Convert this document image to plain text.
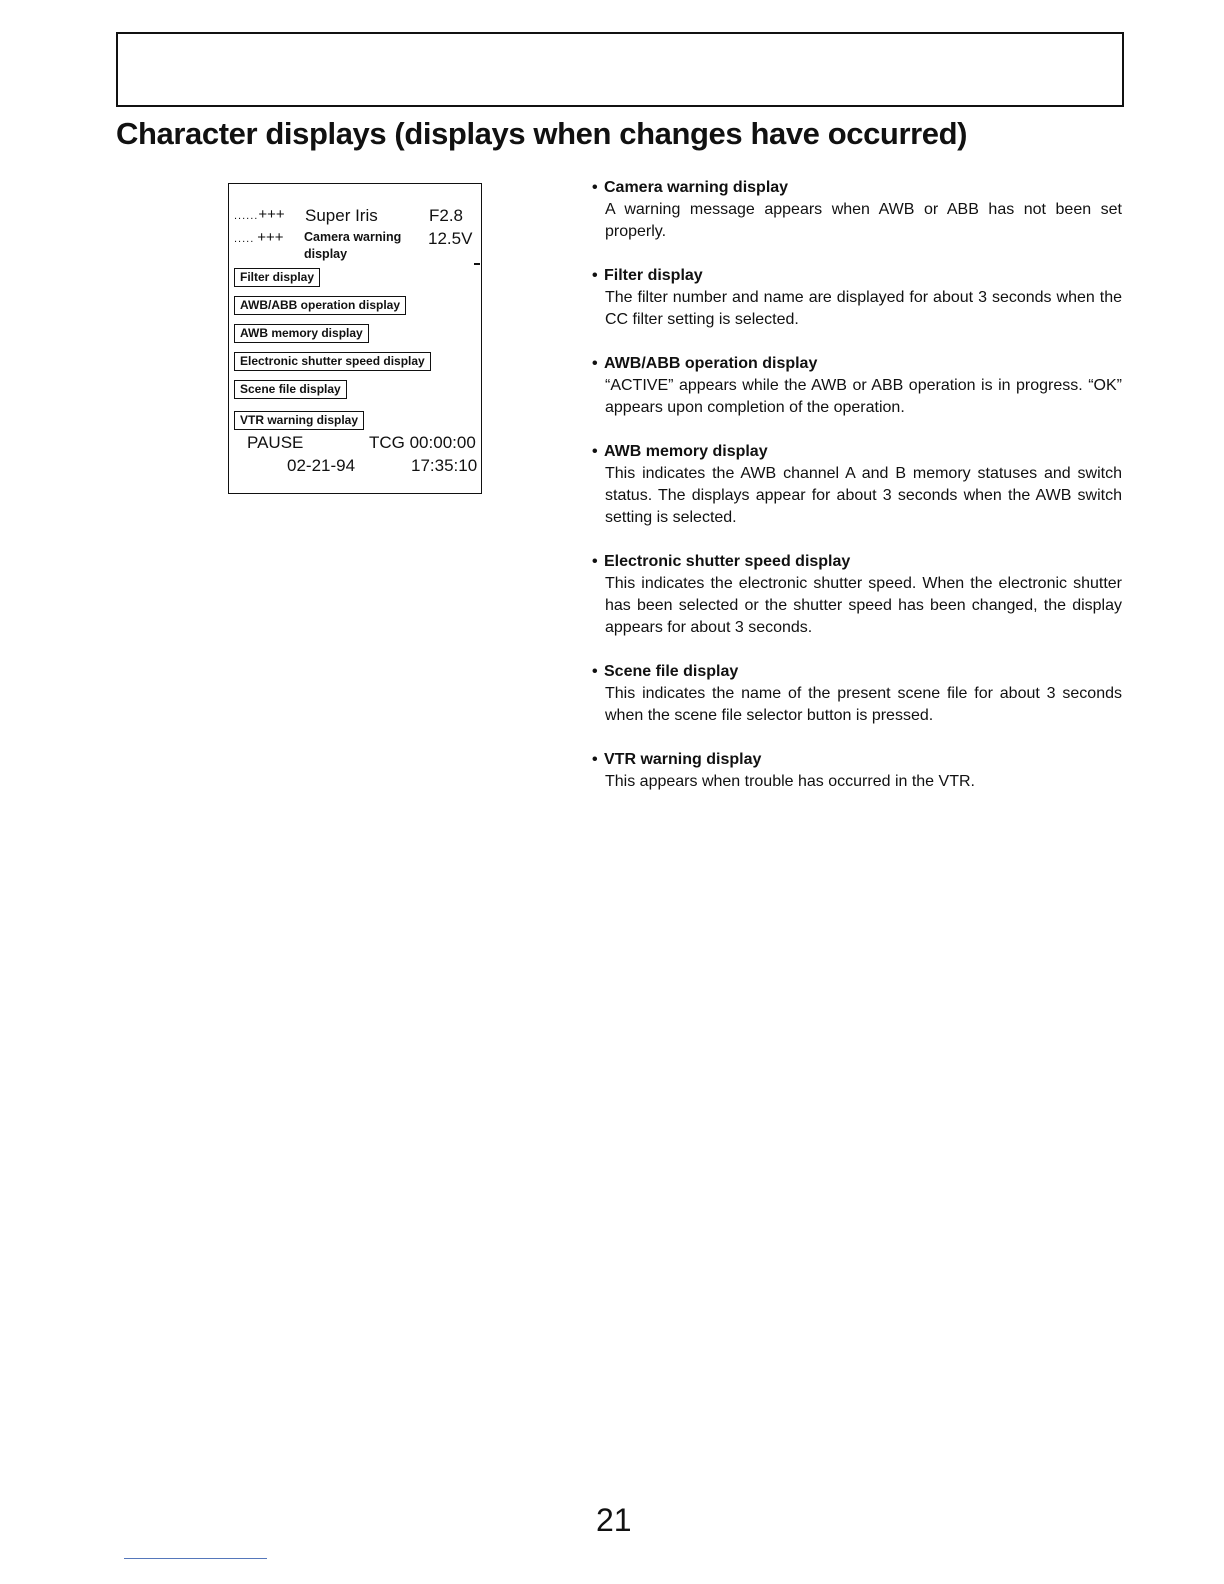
Character displays (displays when changes have occurred)
......+++ Super Iris	F2.8
..... +++ Camera warning
display
12.5V
Filter display
AWB/ABB operation display
AWB memory display
Electronic shutter speed display
Scene file display
VTR warning display
PAUSE	TCG 00:00:00
02-21-94	17:35:10

• Camera warning display

A warning message appears when AWB or ABB has not been set properly.

• Filter display

The filter number and name are displayed for about 3 seconds when the CC filter setting is selected.

• AWB/ABB operation display

“ACTIVE” appears while the AWB or ABB operation is in progress. “OK” appears upon completion of the operation.

• AWB memory display

This indicates the AWB channel A and B memory statuses and switch status. The displays appear for about 3 seconds when the AWB switch setting is selected.

• Electronic shutter speed display

This indicates the electronic shutter speed. When the electronic shutter has been selected or the shutter speed has been changed, the display appears for about 3 seconds.

• Scene file display

This indicates the name of the present scene file for about 3 seconds when the scene file selector button is pressed.

• VTR warning display

This appears when trouble has occurred in the VTR.

21
